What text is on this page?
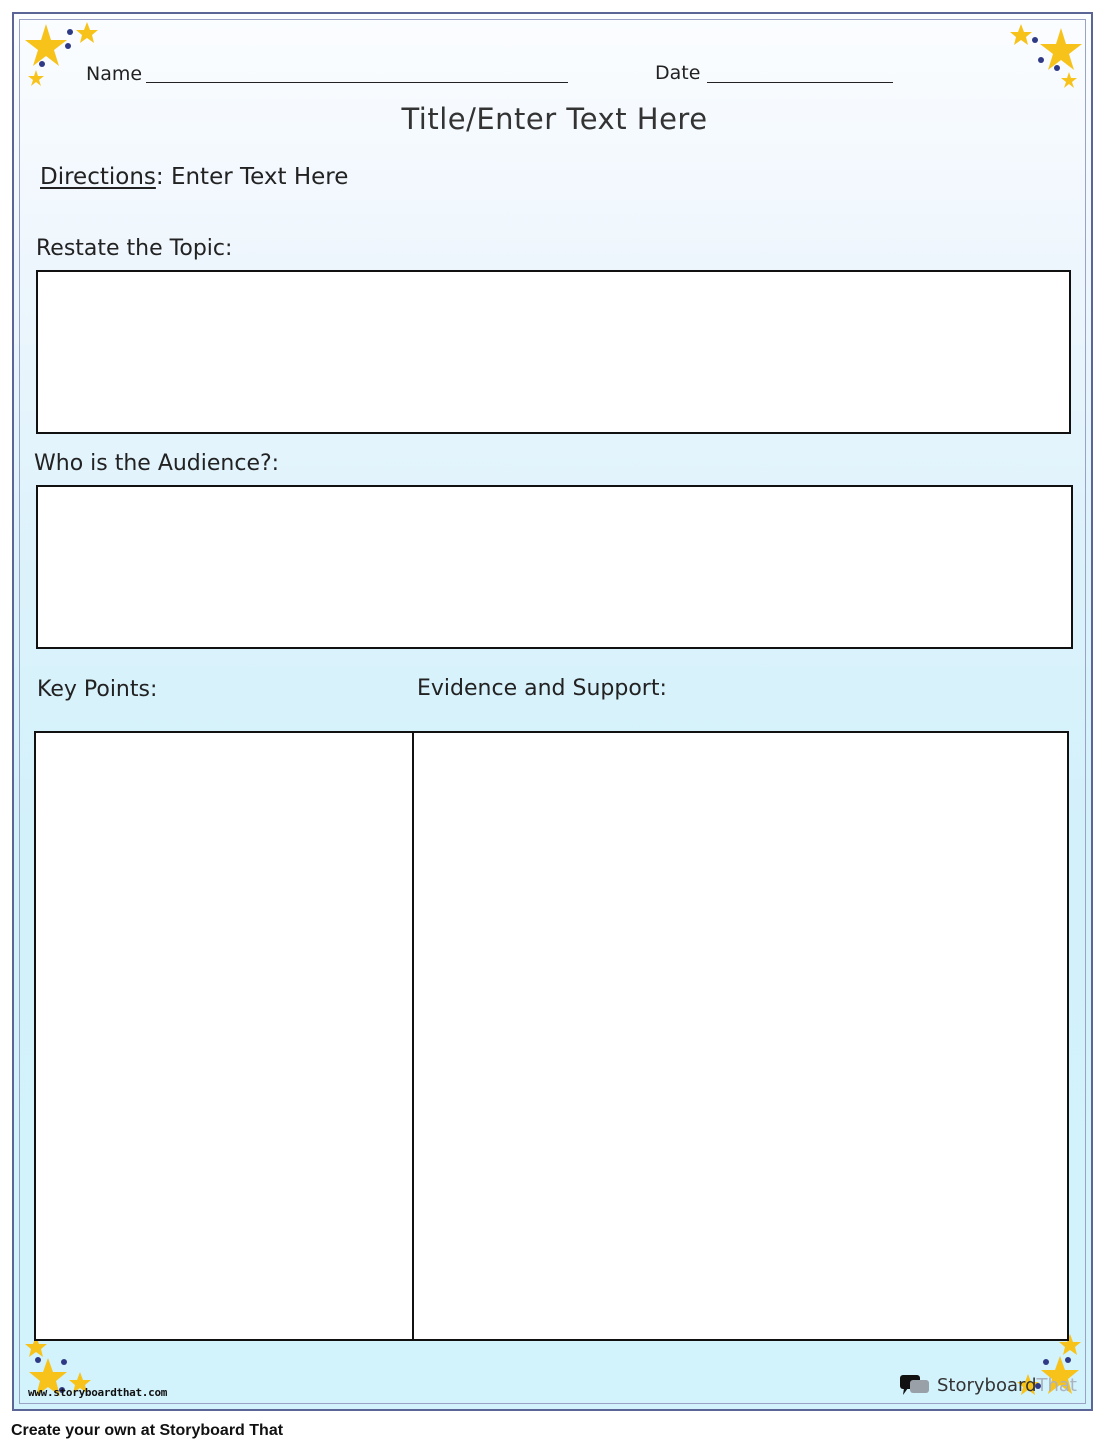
Name	Date
Title/Enter Text Here
Directions: Enter Text Here
Restate the Topic:
Who is the Audience?:
Key Points:	Evidence and Support:
www.storyboardthat.com	StoryboardThat
Create your own at Storyboard That
